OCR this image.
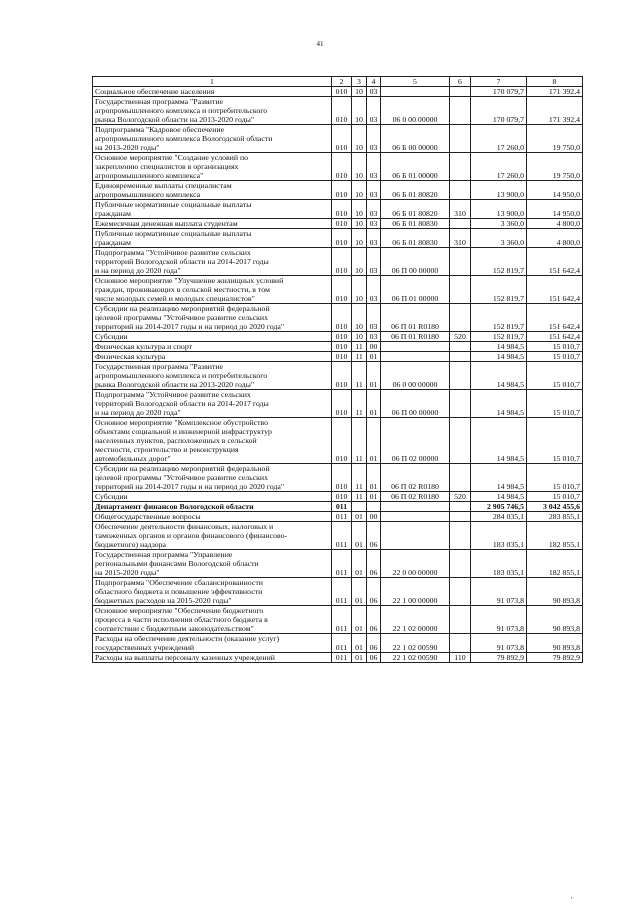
41
1	2	3	4	5	6	7	8
Социальное обеспечение населения	010	10	03			170 079,7	171 392,4
Государственная программа "Развитие
агропромышленного комплекса и потребительского
рынка Вологодской области на 2013-2020 годы"	010	10	03	06 0 00 00000		170 079,7	171 392,4
Подпрограмма "Кадровое обеспечение
агропромышленного комплекса Вологодской области
на 2013-2020 годы"	010	10	03	06 Б 00 00000		17 260,0	19 750,0
Основное мероприятие "Создание условий по
закреплению специалистов в организациях
агропромышленного комплекса"	010	10	03	06 Б 01 00000		17 260,0	19 750,0
Единовременные выплаты специалистам
агропромышленного комплекса	010	10	03	06 Б 01 80820		13 900,0	14 950,0
Публичные нормативные социальные выплаты
гражданам	010	10	03	06 Б 01 80820	310	13 900,0	14 950,0
Ежемесячная денежная выплата студентам	010	10	03	06 Б 01 80830		3 360,0	4 800,0
Публичные нормативные социальные выплаты
гражданам	010	10	03	06 Б 01 80830	310	3 360,0	4 800,0
Подпрограмма "Устойчивое развитие сельских
территорий Вологодской области на 2014-2017 годы
и на период до 2020 года"	010	10	03	06 П 00 00000		152 819,7	151 642,4
Основное мероприятие "Улучшение жилищных условий
граждан, проживающих в сельской местности, в том
числе молодых семей и молодых специалистов"	010	10	03	06 П 01 00000		152 819,7	151 642,4
Субсидии на реализацию мероприятий федеральной
целевой программы "Устойчивое развитие сельских
территорий на 2014-2017 годы и на период до 2020 года"	010	10	03	06 П 01 R0180		152 819,7	151 642,4
Субсидии	010	10	03	06 П 01 R0180	520	152 819,7	151 642,4
Физическая культура и спорт	010	11	00			14 984,5	15 010,7
Физическая культура	010	11	01			14 984,5	15 010,7
Государственная программа "Развитие
агропромышленного комплекса и потребительского
рынка Вологодской области на 2013-2020 годы"	010	11	01	06 0 00 00000		14 984,5	15 010,7
Подпрограмма "Устойчивое развитие сельских
территорий Вологодской области на 2014-2017 годы
и на период до 2020 года"	010	11	01	06 П 00 00000		14 984,5	15 010,7
Основное мероприятие "Комплексное обустройство
объектами социальной и инженерной инфраструктур
населенных пунктов, расположенных в сельской
местности, строительство и реконструкция
автомобильных дорог"	010	11	01	06 П 02 00000		14 984,5	15 010,7
Субсидии на реализацию мероприятий федеральной
целевой программы "Устойчивое развитие сельских
территорий на 2014-2017 годы и на период до 2020 года"	010	11	01	06 П 02 R0180		14 984,5	15 010,7
Субсидии	010	11	01	06 П 02 R0180	520	14 984,5	15 010,7
Департамент финансов Вологодской области	011					2 905 746,5	3 042 455,6
Общегосударственные вопросы	011	01	00			284 035,1	283 855,1
Обеспечение деятельности финансовых, налоговых и
таможенных органов и органов финансового (финансово-
бюджетного) надзора	011	01	06			183 035,1	182 855,1
Государственная программа "Управление
региональными финансами Вологодской области
на 2015-2020 годы"	011	01	06	22 0 00 00000		183 035,1	182 855,1
Подпрограмма "Обеспечение сбалансированности
областного бюджета и повышение эффективности
бюджетных расходов на 2015-2020 годы"	011	01	06	22 1 00 00000		91 073,8	90 893,8
Основное мероприятие "Обеспечение бюджетного
процесса в части исполнения областного бюджета в
соответствии с бюджетным законодательством"	011	01	06	22 1 02 00000		91 073,8	90 893,8
Расходы на обеспечение деятельности (оказание услуг)
государственных учреждений	011	01	06	22 1 02 00590		91 073,8	90 893,8
Расходы на выплаты персоналу казенных учреждений	011	01	06	22 1 02 00590	110	79 892,9	79 892,9
'
